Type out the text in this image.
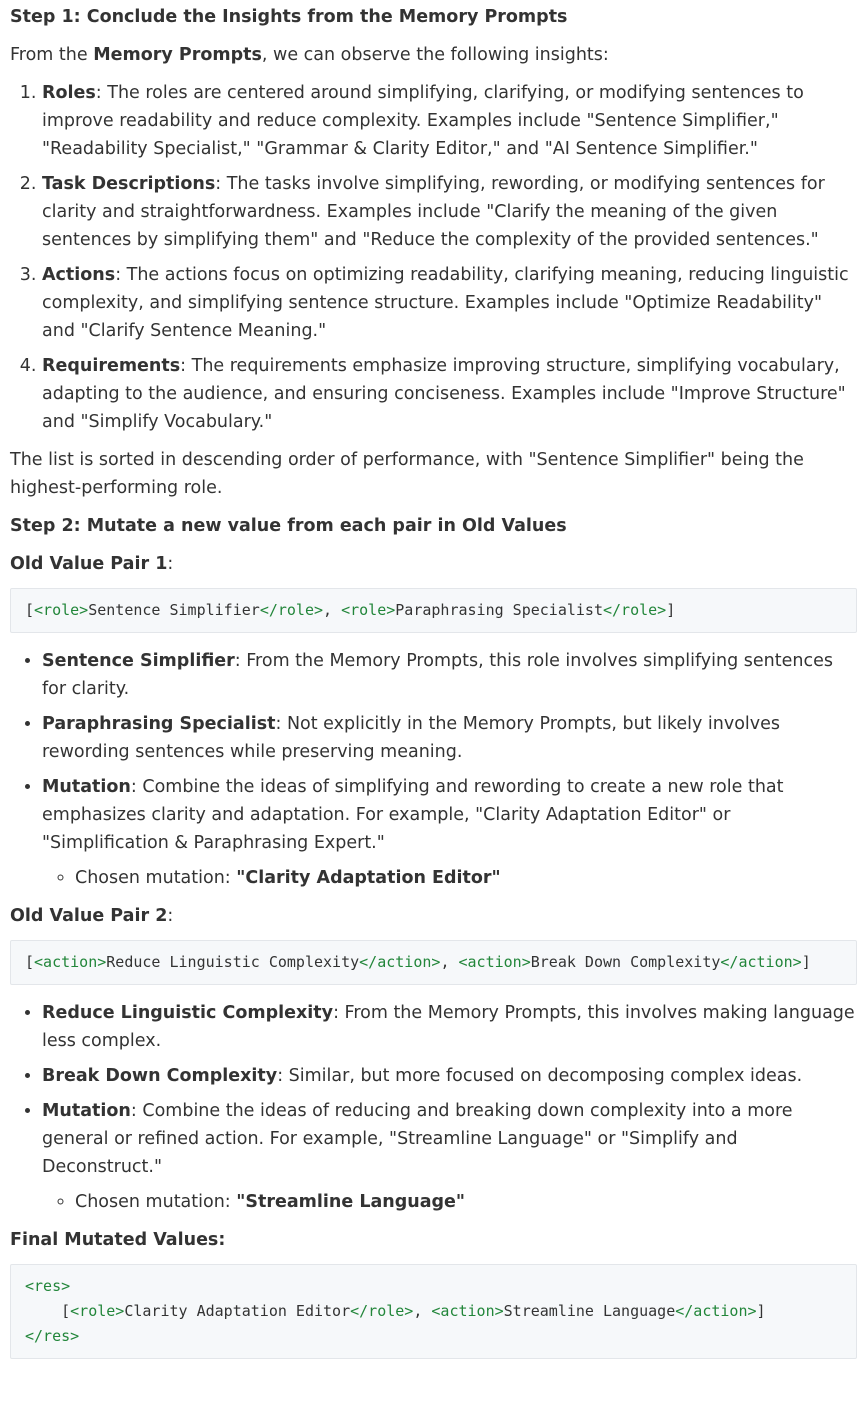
Step 1: Conclude the Insights from the Memory Prompts

From the Memory Prompts, we can observe the following insights:

1. Roles: The roles are centered around simplifying, clarifying, or modifying sentences to improve readability and reduce complexity. Examples include "Sentence Simplifier," "Readability Specialist," "Grammar & Clarity Editor," and "AI Sentence Simplifier."
2. Task Descriptions: The tasks involve simplifying, rewording, or modifying sentences for clarity and straightforwardness. Examples include "Clarify the meaning of the given sentences by simplifying them" and "Reduce the complexity of the provided sentences."
3. Actions: The actions focus on optimizing readability, clarifying meaning, reducing linguistic complexity, and simplifying sentence structure. Examples include "Optimize Readability" and "Clarify Sentence Meaning."
4. Requirements: The requirements emphasize improving structure, simplifying vocabulary, adapting to the audience, and ensuring conciseness. Examples include "Improve Structure" and "Simplify Vocabulary."

The list is sorted in descending order of performance, with "Sentence Simplifier" being the highest-performing role.

Step 2: Mutate a new value from each pair in Old Values
Old Value Pair 1:
[<role>Sentence Simplifier</role>, <role>Paraphrasing Specialist</role>]
• Sentence Simplifier: From the Memory Prompts, this role involves simplifying sentences for clarity.
• Paraphrasing Specialist: Not explicitly in the Memory Prompts, but likely involves rewording sentences while preserving meaning.
• Mutation: Combine the ideas of simplifying and rewording to create a new role that emphasizes clarity and adaptation. For example, "Clarity Adaptation Editor" or "Simplification & Paraphrasing Expert."
◦ Chosen mutation: "Clarity Adaptation Editor"
Old Value Pair 2:
[<action>Reduce Linguistic Complexity</action>, <action>Break Down Complexity</action>]
• Reduce Linguistic Complexity: From the Memory Prompts, this involves making language less complex.
• Break Down Complexity: Similar, but more focused on decomposing complex ideas.
• Mutation: Combine the ideas of reducing and breaking down complexity into a more general or refined action. For example, "Streamline Language" or "Simplify and Deconstruct."
◦ Chosen mutation: "Streamline Language"
Final Mutated Values:
<res>
[<role>Clarity Adaptation Editor</role>, <action>Streamline Language</action>]
</res>
